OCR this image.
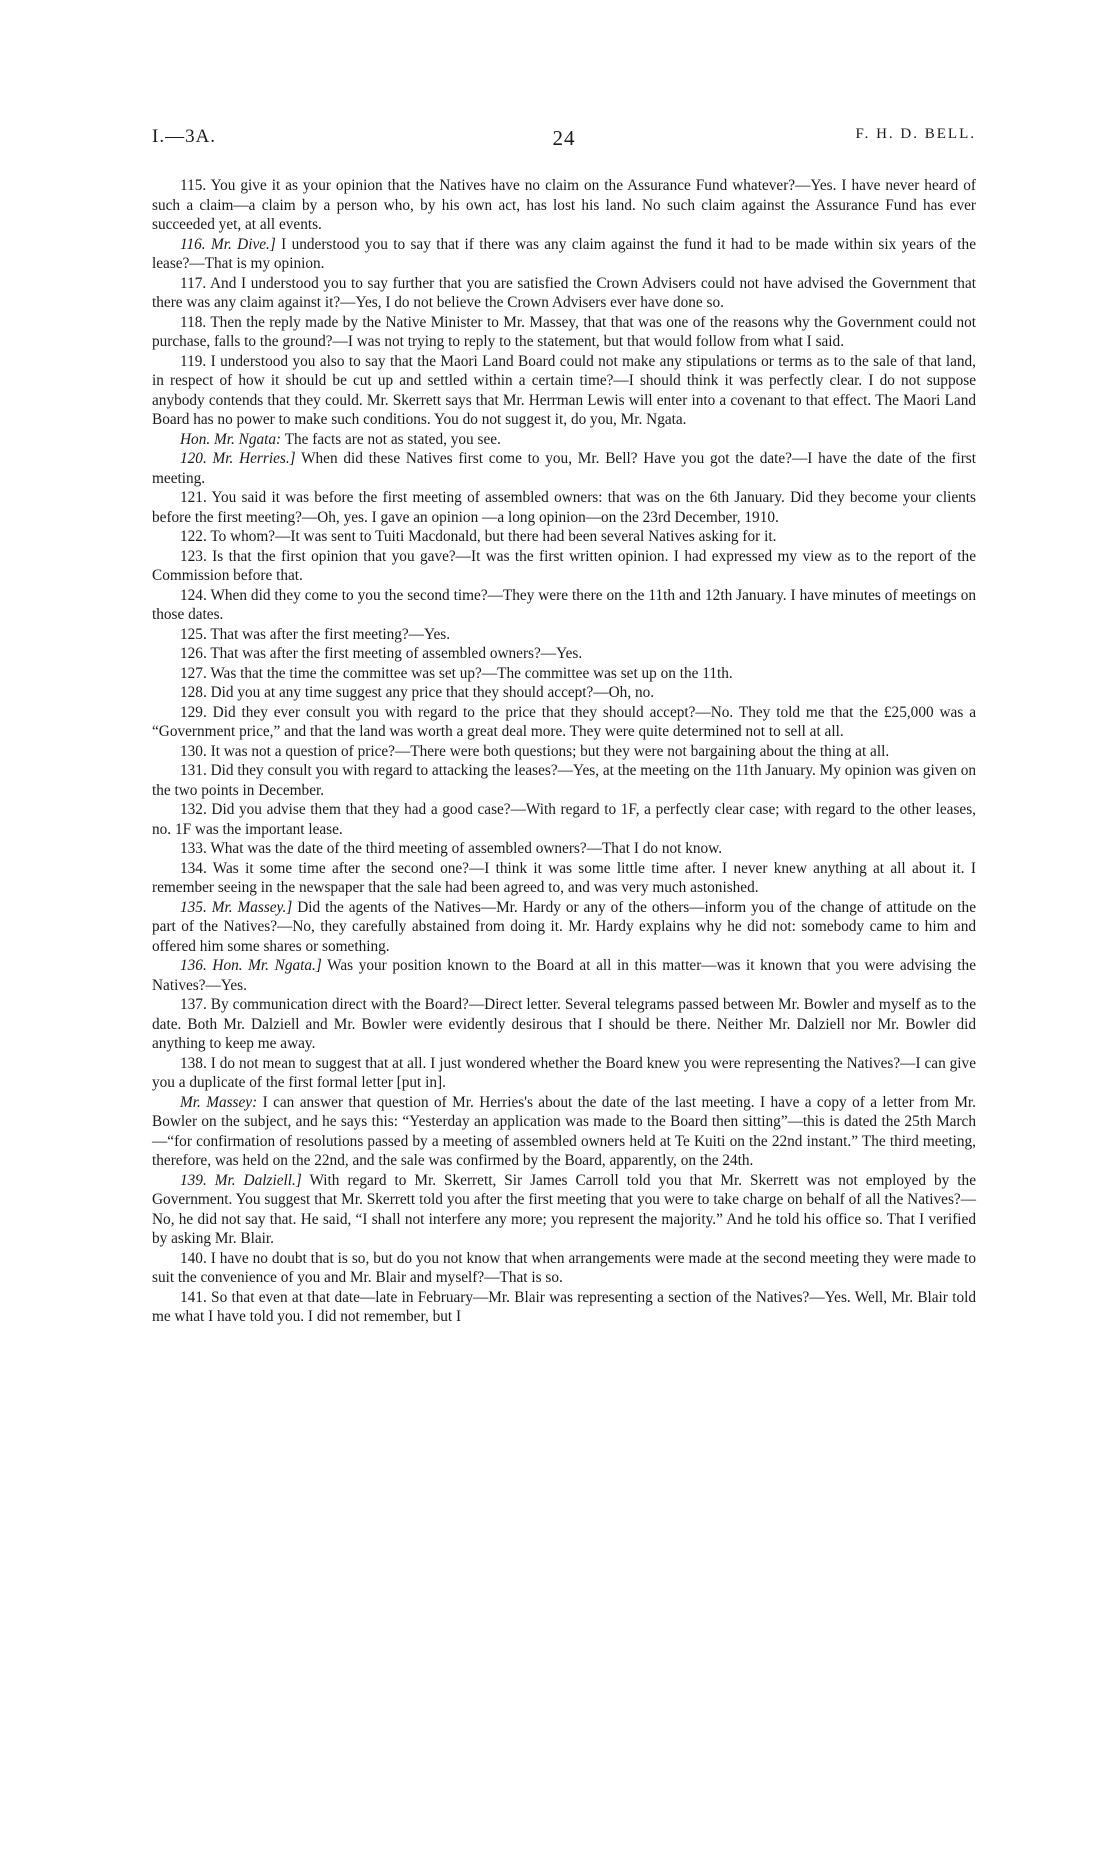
I.—3A.	24	F. H. D. BELL.

115. You give it as your opinion that the Natives have no claim on the Assurance Fund whatever?—Yes. I have never heard of such a claim—a claim by a person who, by his own act, has lost his land. No such claim against the Assurance Fund has ever succeeded yet, at all events.

116. Mr. Dive.] I understood you to say that if there was any claim against the fund it had to be made within six years of the lease?—That is my opinion.

117. And I understood you to say further that you are satisfied the Crown Advisers could not have advised the Government that there was any claim against it?—Yes, I do not believe the Crown Advisers ever have done so.

118. Then the reply made by the Native Minister to Mr. Massey, that that was one of the reasons why the Government could not purchase, falls to the ground?—I was not trying to reply to the statement, but that would follow from what I said.

119. I understood you also to say that the Maori Land Board could not make any stipulations or terms as to the sale of that land, in respect of how it should be cut up and settled within a certain time?—I should think it was perfectly clear. I do not suppose anybody contends that they could. Mr. Skerrett says that Mr. Herrman Lewis will enter into a covenant to that effect. The Maori Land Board has no power to make such conditions. You do not suggest it, do you, Mr. Ngata.

Hon. Mr. Ngata: The facts are not as stated, you see.

120. Mr. Herries.] When did these Natives first come to you, Mr. Bell? Have you got the date?—I have the date of the first meeting.

121. You said it was before the first meeting of assembled owners: that was on the 6th January. Did they become your clients before the first meeting?—Oh, yes. I gave an opinion —a long opinion—on the 23rd December, 1910.

122. To whom?—It was sent to Tuiti Macdonald, but there had been several Natives asking for it.

123. Is that the first opinion that you gave?—It was the first written opinion. I had expressed my view as to the report of the Commission before that.

124. When did they come to you the second time?—They were there on the 11th and 12th January. I have minutes of meetings on those dates.

125. That was after the first meeting?—Yes.

126. That was after the first meeting of assembled owners?—Yes.

127. Was that the time the committee was set up?—The committee was set up on the 11th.

128. Did you at any time suggest any price that they should accept?—Oh, no.

129. Did they ever consult you with regard to the price that they should accept?—No. They told me that the £25,000 was a “Government price,” and that the land was worth a great deal more. They were quite determined not to sell at all.

130. It was not a question of price?—There were both questions; but they were not bargaining about the thing at all.

131. Did they consult you with regard to attacking the leases?—Yes, at the meeting on the 11th January. My opinion was given on the two points in December.

132. Did you advise them that they had a good case?—With regard to 1F, a perfectly clear case; with regard to the other leases, no. 1F was the important lease.

133. What was the date of the third meeting of assembled owners?—That I do not know.

134. Was it some time after the second one?—I think it was some little time after. I never knew anything at all about it. I remember seeing in the newspaper that the sale had been agreed to, and was very much astonished.

135. Mr. Massey.] Did the agents of the Natives—Mr. Hardy or any of the others—inform you of the change of attitude on the part of the Natives?—No, they carefully abstained from doing it. Mr. Hardy explains why he did not: somebody came to him and offered him some shares or something.

136. Hon. Mr. Ngata.] Was your position known to the Board at all in this matter—was it known that you were advising the Natives?—Yes.

137. By communication direct with the Board?—Direct letter. Several telegrams passed between Mr. Bowler and myself as to the date. Both Mr. Dalziell and Mr. Bowler were evidently desirous that I should be there. Neither Mr. Dalziell nor Mr. Bowler did anything to keep me away.

138. I do not mean to suggest that at all. I just wondered whether the Board knew you were representing the Natives?—I can give you a duplicate of the first formal letter [put in].

Mr. Massey: I can answer that question of Mr. Herries's about the date of the last meeting. I have a copy of a letter from Mr. Bowler on the subject, and he says this: “Yesterday an application was made to the Board then sitting”—this is dated the 25th March—“for confirmation of resolutions passed by a meeting of assembled owners held at Te Kuiti on the 22nd instant.” The third meeting, therefore, was held on the 22nd, and the sale was confirmed by the Board, apparently, on the 24th.

139. Mr. Dalziell.] With regard to Mr. Skerrett, Sir James Carroll told you that Mr. Skerrett was not employed by the Government. You suggest that Mr. Skerrett told you after the first meeting that you were to take charge on behalf of all the Natives?—No, he did not say that. He said, “I shall not interfere any more; you represent the majority.” And he told his office so. That I verified by asking Mr. Blair.

140. I have no doubt that is so, but do you not know that when arrangements were made at the second meeting they were made to suit the convenience of you and Mr. Blair and myself?—That is so.

141. So that even at that date—late in February—Mr. Blair was representing a section of the Natives?—Yes. Well, Mr. Blair told me what I have told you. I did not remember, but I
